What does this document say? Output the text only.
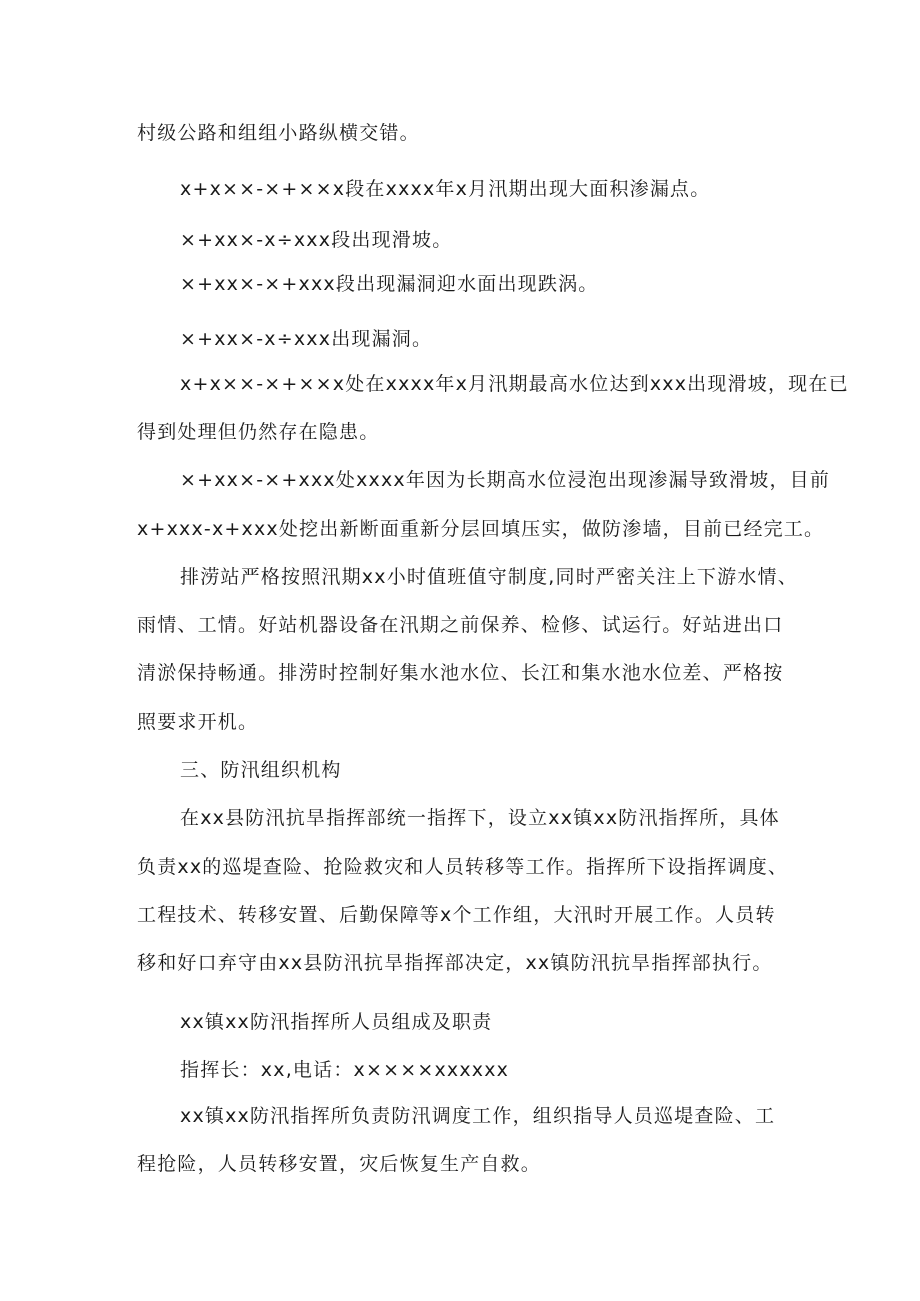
村级公路和组组小路纵横交错。
x+x××-×+××x段在xxxx年x月汛期出现大面积渗漏点。
×+xx×-x÷xxx段出现滑坡。
×+xx×-×+xxx段出现漏洞迎水面出现跌涡。
×+xx×-x÷xxx出现漏洞。
x+x××-×+××x处在xxxx年x月汛期最高水位达到xxx出现滑坡，现在已
得到处理但仍然存在隐患。
×+xx×-×+xxx处xxxx年因为长期高水位浸泡出现渗漏导致滑坡，目前
x+xxx-x+xxx处挖出新断面重新分层回填压实，做防渗墙，目前已经完工。
排涝站严格按照汛期xx小时值班值守制度,同时严密关注上下游水情、
雨情、工情。好站机器设备在汛期之前保养、检修、试运行。好站进出口
清淤保持畅通。排涝时控制好集水池水位、长江和集水池水位差、严格按
照要求开机。
三、防汛组织机构
在xx县防汛抗旱指挥部统一指挥下，设立xx镇xx防汛指挥所，具体
负责xx的巡堤查险、抢险救灾和人员转移等工作。指挥所下设指挥调度、
工程技术、转移安置、后勤保障等x个工作组，大汛时开展工作。人员转
移和好口弃守由xx县防汛抗旱指挥部决定，xx镇防汛抗旱指挥部执行。
xx镇xx防汛指挥所人员组成及职责
指挥长：xx,电话：x××××xxxxxx
xx镇xx防汛指挥所负责防汛调度工作，组织指导人员巡堤查险、工
程抢险，人员转移安置，灾后恢复生产自救。
